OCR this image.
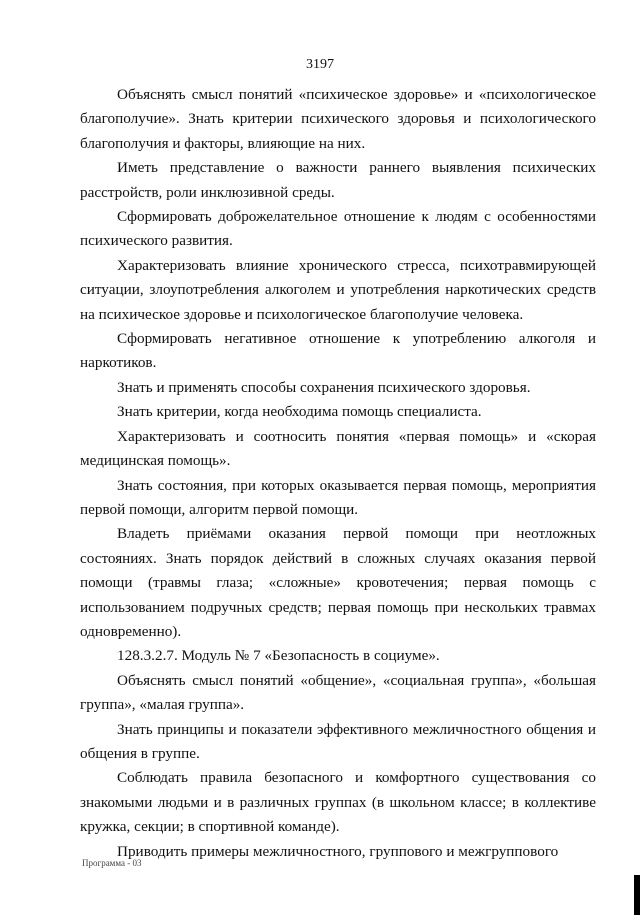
3197

Объяснять смысл понятий «психическое здоровье» и «психологическое благополучие». Знать критерии психического здоровья и психологического благополучия и факторы, влияющие на них.

Иметь представление о важности раннего выявления психических расстройств, роли инклюзивной среды.

Сформировать доброжелательное отношение к людям с особенностями психического развития.

Характеризовать влияние хронического стресса, психотравмирующей ситуации, злоупотребления алкоголем и употребления наркотических средств на психическое здоровье и психологическое благополучие человека.

Сформировать негативное отношение к употреблению алкоголя и наркотиков.

Знать и применять способы сохранения психического здоровья.

Знать критерии, когда необходима помощь специалиста.

Характеризовать и соотносить понятия «первая помощь» и «скорая медицинская помощь».

Знать состояния, при которых оказывается первая помощь, мероприятия первой помощи, алгоритм первой помощи.

Владеть приёмами оказания первой помощи при неотложных состояниях. Знать порядок действий в сложных случаях оказания первой помощи (травмы глаза; «сложные» кровотечения; первая помощь с использованием подручных средств; первая помощь при нескольких травмах одновременно).

128.3.2.7. Модуль № 7 «Безопасность в социуме».

Объяснять смысл понятий «общение», «социальная группа», «большая группа», «малая группа».

Знать принципы и показатели эффективного межличностного общения и общения в группе.

Соблюдать правила безопасного и комфортного существования со знакомыми людьми и в различных группах (в школьном классе; в коллективе кружка, секции; в спортивной команде).

Приводить примеры межличностного, группового и межгруппового

Программа - 03
